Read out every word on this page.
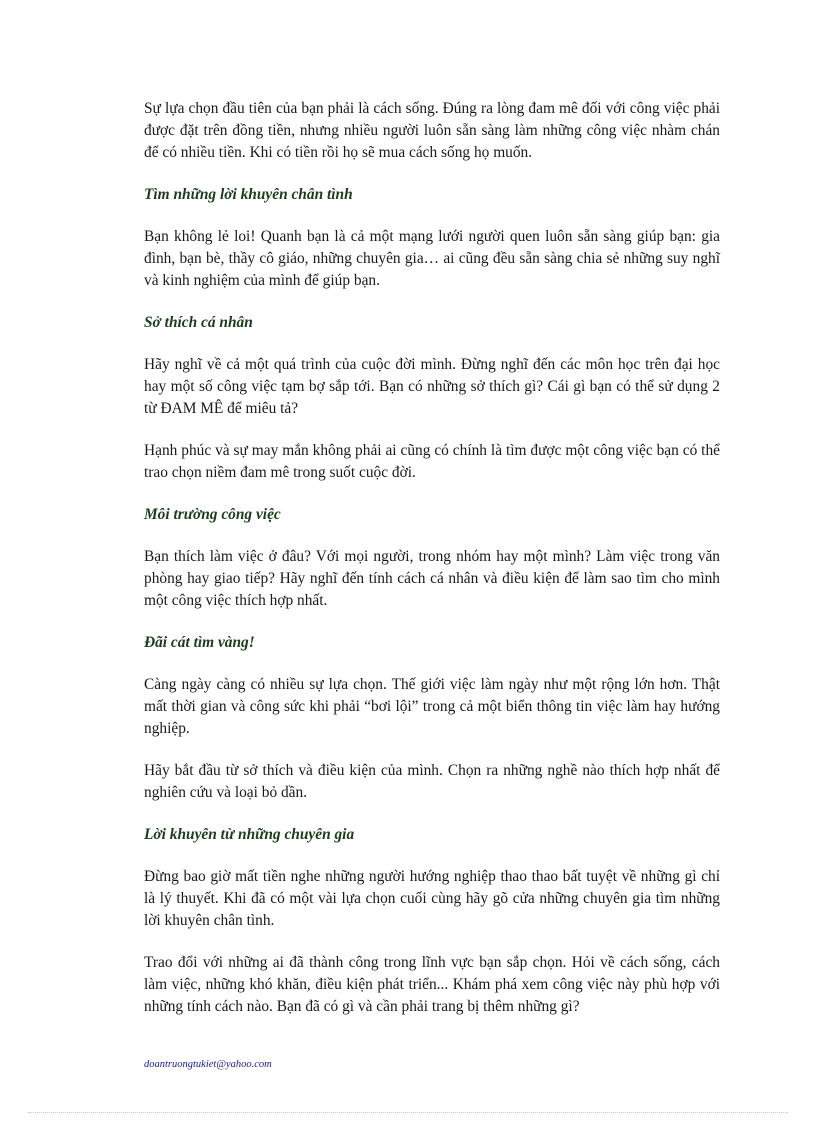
Sự lựa chọn đầu tiên của bạn phải là cách sống. Đúng ra lòng đam mê đối với công việc phải được đặt trên đồng tiền, nhưng nhiều người luôn sẵn sàng làm những công việc nhàm chán để có nhiều tiền. Khi có tiền rồi họ sẽ mua cách sống họ muốn.

Tìm những lời khuyên chân tình

Bạn không lẻ loi! Quanh bạn là cả một mạng lưới người quen luôn sẵn sàng giúp bạn: gia đình, bạn bè, thầy cô giáo, những chuyên gia… ai cũng đều sẵn sàng chia sẻ những suy nghĩ và kinh nghiệm của mình để giúp bạn.

Sở thích cá nhân

Hãy nghĩ về cả một quá trình của cuộc đời mình. Đừng nghĩ đến các môn học trên đại học hay một số công việc tạm bợ sắp tới. Bạn có những sở thích gì? Cái gì bạn có thể sử dụng 2 từ ĐAM MÊ để miêu tả?

Hạnh phúc và sự may mắn không phải ai cũng có chính là tìm được một công việc bạn có thể trao chọn niềm đam mê trong suốt cuộc đời.

Môi trường công việc

Bạn thích làm việc ở đâu? Với mọi người, trong nhóm hay một mình? Làm việc trong văn phòng hay giao tiếp? Hãy nghĩ đến tính cách cá nhân và điều kiện để làm sao tìm cho mình một công việc thích hợp nhất.

Đãi cát tìm vàng!

Càng ngày càng có nhiều sự lựa chọn. Thế giới việc làm ngày như một rộng lớn hơn. Thật mất thời gian và công sức khi phải “bơi lội” trong cả một biển thông tin việc làm hay hướng nghiệp.

Hãy bắt đầu từ sở thích và điều kiện của mình. Chọn ra những nghề nào thích hợp nhất để nghiên cứu và loại bỏ dần.

Lời khuyên từ những chuyên gia

Đừng bao giờ mất tiền nghe những người hướng nghiệp thao thao bất tuyệt về những gì chỉ là lý thuyết. Khi đã có một vài lựa chọn cuối cùng hãy gõ cửa những chuyên gia tìm những lời khuyên chân tình.

Trao đổi với những ai đã thành công trong lĩnh vực bạn sắp chọn. Hỏi về cách sống, cách làm việc, những khó khăn, điều kiện phát triển... Khám phá xem công việc này phù hợp với những tính cách nào. Bạn đã có gì và cần phải trang bị thêm những gì?

doantruongtukiet@yahoo.com
